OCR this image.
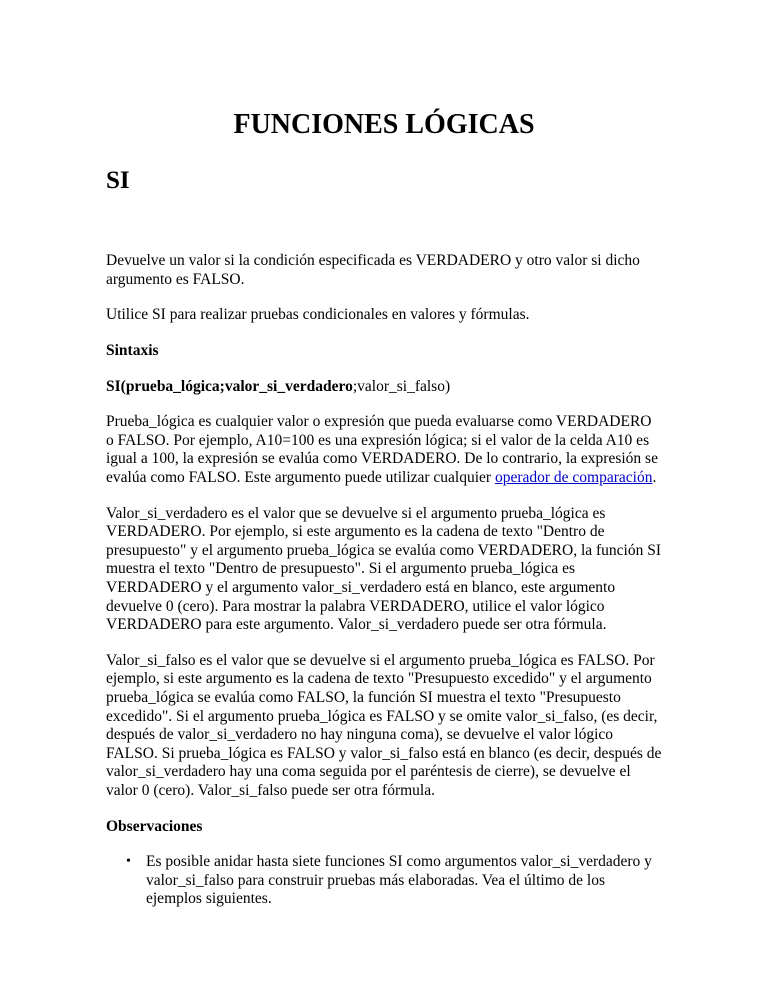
FUNCIONES LÓGICAS
SI

Devuelve un valor si la condición especificada es VERDADERO y otro valor si dicho argumento es FALSO.

Utilice SI para realizar pruebas condicionales en valores y fórmulas.

Sintaxis

SI(prueba_lógica;valor_si_verdadero;valor_si_falso)

Prueba_lógica es cualquier valor o expresión que pueda evaluarse como VERDADERO o FALSO. Por ejemplo, A10=100 es una expresión lógica; si el valor de la celda A10 es igual a 100, la expresión se evalúa como VERDADERO. De lo contrario, la expresión se evalúa como FALSO. Este argumento puede utilizar cualquier operador de comparación.

Valor_si_verdadero es el valor que se devuelve si el argumento prueba_lógica es VERDADERO. Por ejemplo, si este argumento es la cadena de texto "Dentro de presupuesto" y el argumento prueba_lógica se evalúa como VERDADERO, la función SI muestra el texto "Dentro de presupuesto". Si el argumento prueba_lógica es VERDADERO y el argumento valor_si_verdadero está en blanco, este argumento devuelve 0 (cero). Para mostrar la palabra VERDADERO, utilice el valor lógico VERDADERO para este argumento. Valor_si_verdadero puede ser otra fórmula.

Valor_si_falso es el valor que se devuelve si el argumento prueba_lógica es FALSO. Por ejemplo, si este argumento es la cadena de texto "Presupuesto excedido" y el argumento prueba_lógica se evalúa como FALSO, la función SI muestra el texto "Presupuesto excedido". Si el argumento prueba_lógica es FALSO y se omite valor_si_falso, (es decir, después de valor_si_verdadero no hay ninguna coma), se devuelve el valor lógico FALSO. Si prueba_lógica es FALSO y valor_si_falso está en blanco (es decir, después de valor_si_verdadero hay una coma seguida por el paréntesis de cierre), se devuelve el valor 0 (cero). Valor_si_falso puede ser otra fórmula.

Observaciones

• Es posible anidar hasta siete funciones SI como argumentos valor_si_verdadero y valor_si_falso para construir pruebas más elaboradas. Vea el último de los ejemplos siguientes.
